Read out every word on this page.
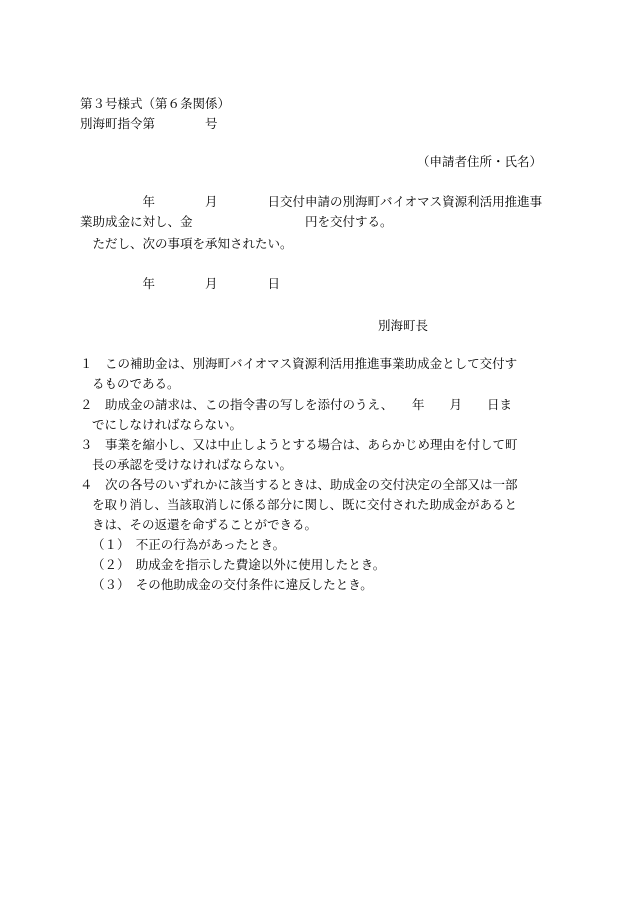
第３号様式（第６条関係）
別海町指令第　　　　号
（申請者住所・氏名）
　　　　　年　　　　月　　　　日交付申請の別海町バイオマス資源利活用推進事
業助成金に対し、金　　　　　　　　　円を交付する。
　ただし、次の事項を承知されたい。
　　　　　年　　　　月　　　　日
別海町長
１　この補助金は、別海町バイオマス資源利活用推進事業助成金として交付す
るものである。
２　助成金の請求は、この指令書の写しを添付のうえ、　　年　　月　　日ま
でにしなければならない。
３　事業を縮小し、又は中止しようとする場合は、あらかじめ理由を付して町
長の承認を受けなければならない。
４　次の各号のいずれかに該当するときは、助成金の交付決定の全部又は一部
を取り消し、当該取消しに係る部分に関し、既に交付された助成金があると
きは、その返還を命ずることができる。
（１）　不正の行為があったとき。
（２）　助成金を指示した費途以外に使用したとき。
（３）　その他助成金の交付条件に違反したとき。
